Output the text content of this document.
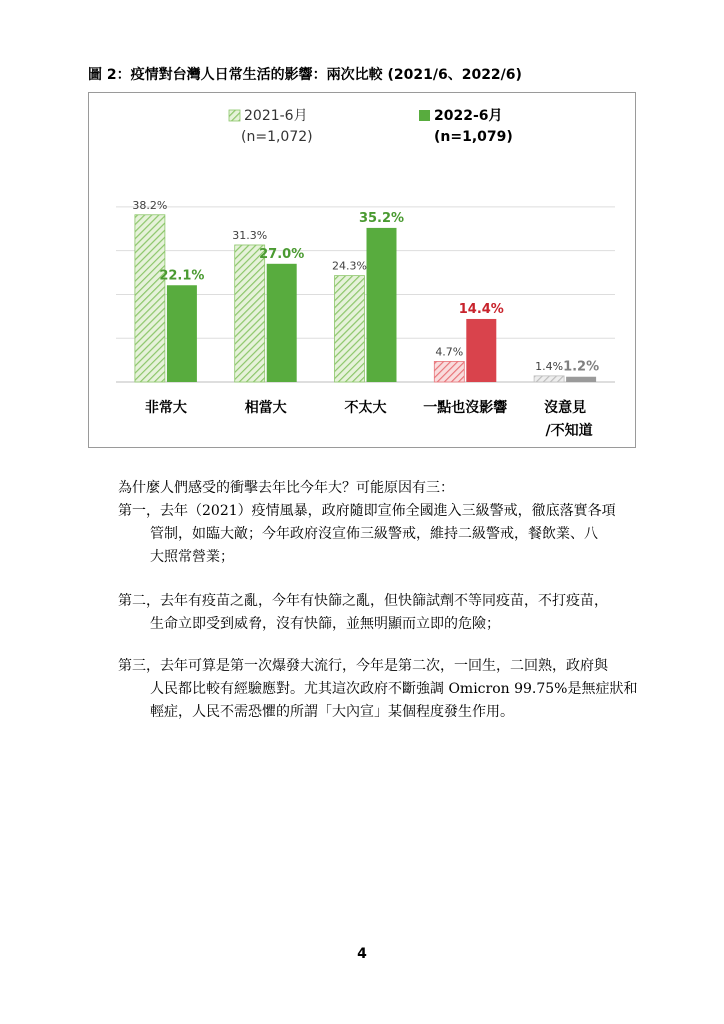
圖 2：疫情對台灣人日常生活的影響：兩次比較 (2021/6、2022/6)
2021-6月
(n=1,072)
2022-6月
(n=1,079)
38.2%
22.1%
31.3%
27.0%
24.3%
35.2%
4.7%
14.4%
1.4% 1.2%
非常大	相當大	不太大	一點也沒影響	沒意見
/不知道
為什麼人們感受的衝擊去年比今年大？可能原因有三：
第一，去年（2021）疫情風暴，政府隨即宣佈全國進入三級警戒，徹底落實各項
管制，如臨大敵；今年政府沒宣佈三級警戒，維持二級警戒，餐飲業、八
大照常營業；
第二，去年有疫苗之亂，今年有快篩之亂，但快篩試劑不等同疫苗，不打疫苗，
生命立即受到威脅，沒有快篩，並無明顯而立即的危險；
第三，去年可算是第一次爆發大流行，今年是第二次，一回生，二回熟，政府與
人民都比較有經驗應對。尤其這次政府不斷強調 Omicron 99.75%是無症狀和
輕症，人民不需恐懼的所謂「大內宣」某個程度發生作用。
4
